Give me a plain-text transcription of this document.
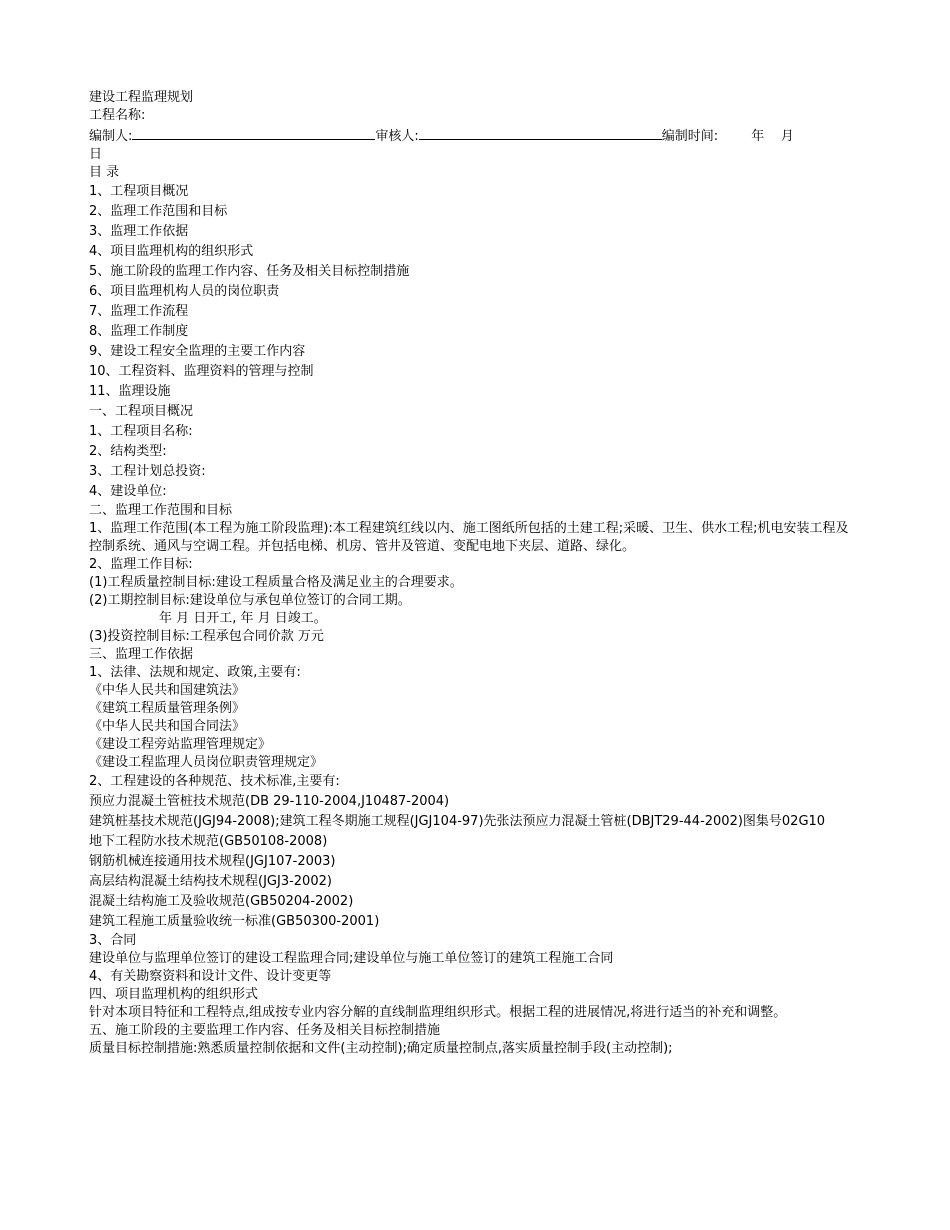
建设工程监理规划
工程名称:
编制人:	审核人:	编制时间:	年 月
日
目 录
1、工程项目概况
2、监理工作范围和目标
3、监理工作依据
4、项目监理机构的组织形式
5、施工阶段的监理工作内容、任务及相关目标控制措施
6、项目监理机构人员的岗位职责
7、监理工作流程
8、监理工作制度
9、建设工程安全监理的主要工作内容
10、工程资料、监理资料的管理与控制
11、监理设施
一、工程项目概况
1、工程项目名称:
2、结构类型:
3、工程计划总投资:
4、建设单位:
二、监理工作范围和目标
1、监理工作范围(本工程为施工阶段监理):本工程建筑红线以内、施工图纸所包括的土建工程;采暖、卫生、供水工程;机电安装工程及控制系统、通风与空调工程。并包括电梯、机房、管井及管道、变配电地下夹层、道路、绿化。
2、监理工作目标:
(1)工程质量控制目标:建设工程质量合格及满足业主的合理要求。
(2)工期控制目标:建设单位与承包单位签订的合同工期。
年 月 日开工, 年 月 日竣工。
(3)投资控制目标:工程承包合同价款 万元
三、监理工作依据
1、法律、法规和规定、政策,主要有:
《中华人民共和国建筑法》
《建筑工程质量管理条例》
《中华人民共和国合同法》
《建设工程旁站监理管理规定》
《建设工程监理人员岗位职责管理规定》
2、工程建设的各种规范、技术标准,主要有:
预应力混凝土管桩技术规范(DB 29-110-2004,J10487-2004)
建筑桩基技术规范(JGJ94-2008);建筑工程冬期施工规程(JGJ104-97)先张法预应力混凝土管桩(DBJT29-44-2002)图集号02G10
地下工程防水技术规范(GB50108-2008)
钢筋机械连接通用技术规程(JGJ107-2003)
高层结构混凝土结构技术规程(JGJ3-2002)
混凝土结构施工及验收规范(GB50204-2002)
建筑工程施工质量验收统一标准(GB50300-2001)
3、合同
建设单位与监理单位签订的建设工程监理合同;建设单位与施工单位签订的建筑工程施工合同
4、有关勘察资料和设计文件、设计变更等
四、项目监理机构的组织形式
针对本项目特征和工程特点,组成按专业内容分解的直线制监理组织形式。根据工程的进展情况,将进行适当的补充和调整。
五、施工阶段的主要监理工作内容、任务及相关目标控制措施
质量目标控制措施:熟悉质量控制依据和文件(主动控制);确定质量控制点,落实质量控制手段(主动控制);
